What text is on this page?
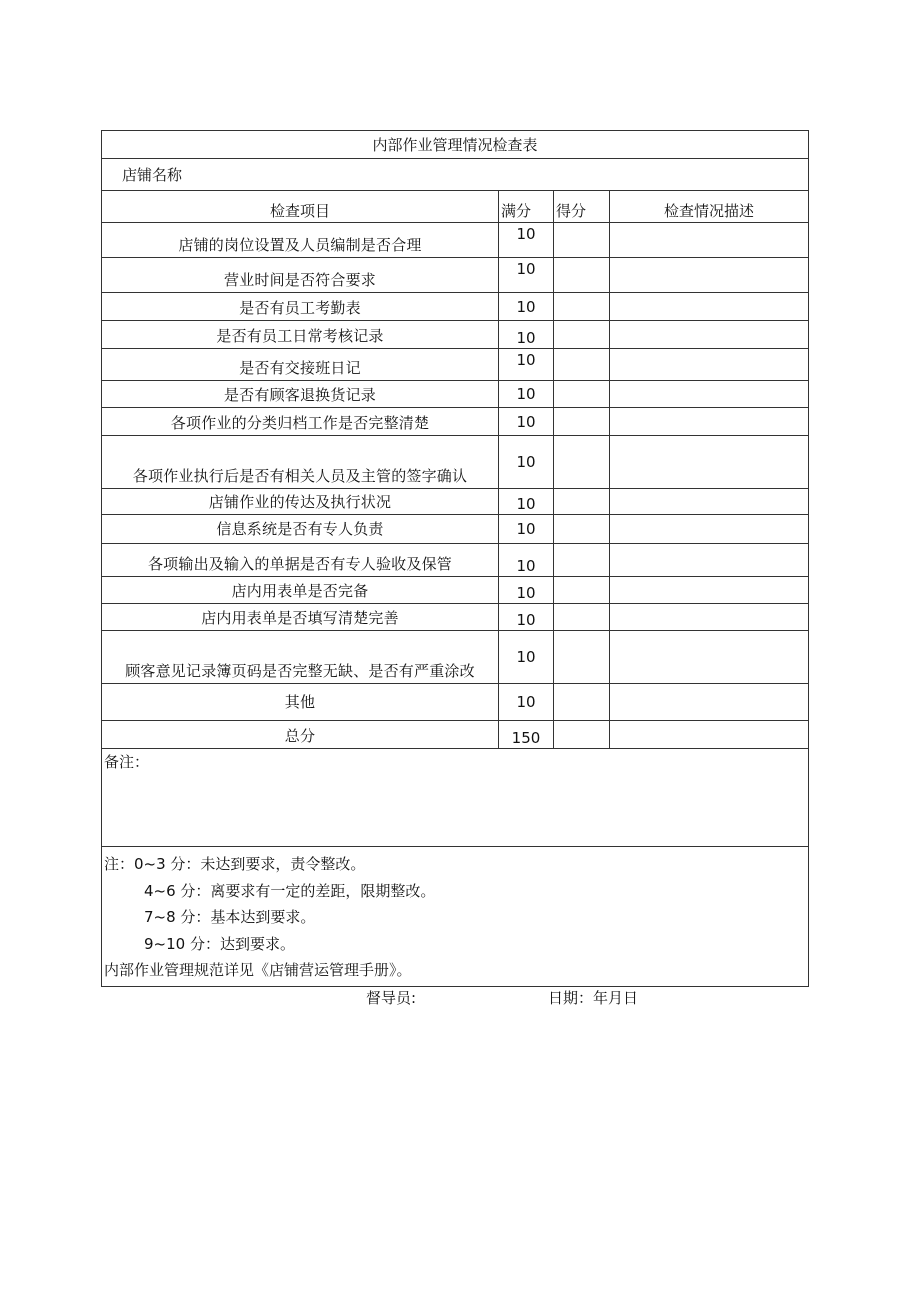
内部作业管理情况检查表			
店铺名称			
检查项目	满分	得分	检查情况描述
店铺的岗位设置及人员编制是否合理	10		
营业时间是否符合要求	10		
是否有员工考勤表	10		
是否有员工日常考核记录	10		
是否有交接班日记	10		
是否有顾客退换货记录	10		
各项作业的分类归档工作是否完整清楚	10		
各项作业执行后是否有相关人员及主管的签字确认	10		
店铺作业的传达及执行状况	10		
信息系统是否有专人负责	10		
各项输出及输入的单据是否有专人验收及保管	10		
店内用表单是否完备	10		
店内用表单是否填写清楚完善	10		
顾客意见记录簿页码是否完整无缺、是否有严重涂改	10		
其他	10		
总分	150		
备注：			

注：0~3 分：未达到要求，责令整改。
4~6 分：离要求有一定的差距，限期整改。
7~8 分：基本达到要求。
9~10 分：达到要求。
内部作业管理规范详见《店铺营运管理手册》。			
督导员:	日期：年月日
